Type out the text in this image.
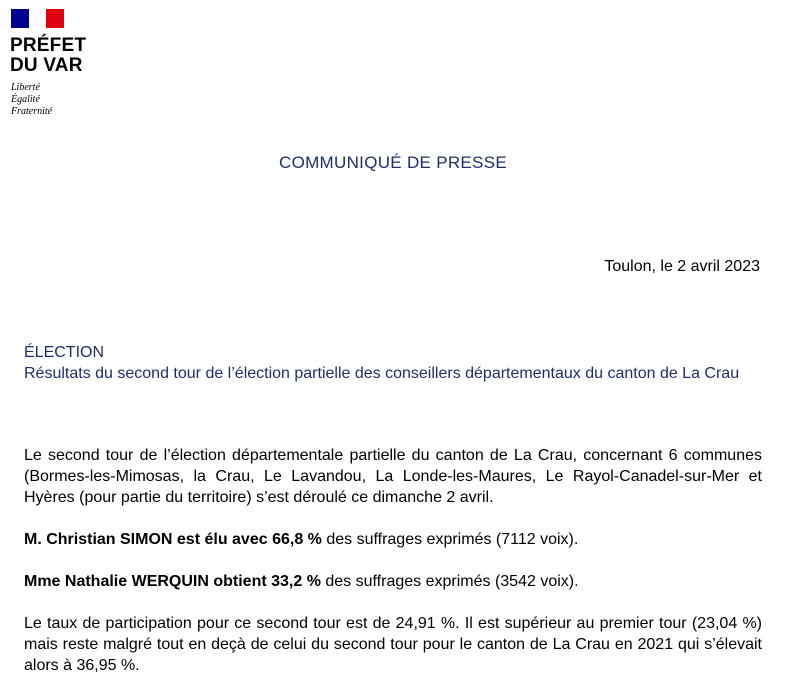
PRÉFET
DU VAR
Liberté
Égalité
Fraternité
COMMUNIQUÉ DE PRESSE
Toulon, le 2 avril 2023
ÉLECTION

Résultats du second tour de l’élection partielle des conseillers départementaux du canton de La Crau

Le second tour de l’élection départementale partielle du canton de La Crau, concernant 6 communes (Bormes-les-Mimosas, la Crau, Le Lavandou, La Londe-les-Maures, Le Rayol-Canadel-sur-Mer et Hyères (pour partie du territoire) s’est déroulé ce dimanche 2 avril.

M. Christian SIMON est élu avec 66,8 % des suffrages exprimés (7112 voix).

Mme Nathalie WERQUIN obtient 33,2 % des suffrages exprimés (3542 voix).

Le taux de participation pour ce second tour est de 24,91 %. Il est supérieur au premier tour (23,04 %) mais reste malgré tout en deçà de celui du second tour pour le canton de La Crau en 2021 qui s’élevait alors à 36,95 %.
